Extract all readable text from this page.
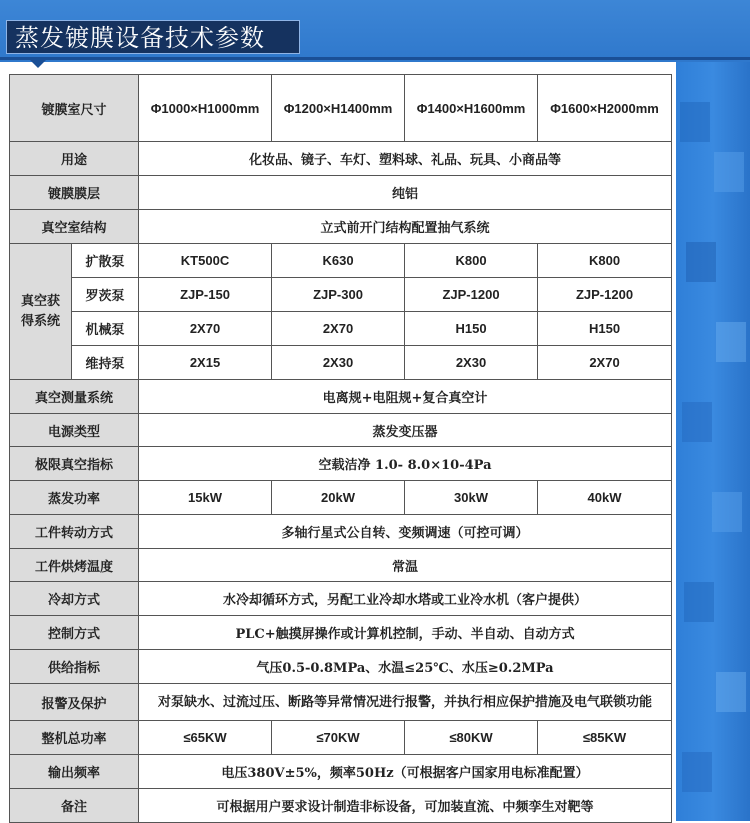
蒸发镀膜设备技术参数
镀膜室尺寸		Φ1000×H1000mm	Φ1200×H1400mm	Φ1400×H1600mm	Φ1600×H2000mm
用途		化妆品、镜子、车灯、塑料球、礼品、玩具、小商品等			
镀膜膜层		纯铝			
真空室结构		立式前开门结构配置抽气系统			
真空获得系统	扩散泵	KT500C	K630	K800	K800
	罗茨泵	ZJP-150	ZJP-300	ZJP-1200	ZJP-1200
	机械泵	2X70	2X70	H150	H150
	维持泵	2X15	2X30	2X30	2X70
真空测量系统		电离规+电阻规+复合真空计			
电源类型		蒸发变压器			
极限真空指标		空载洁净 1.0- 8.0×10-4Pa			
蒸发功率		15kW	20kW	30kW	40kW
工件转动方式		多轴行星式公自转、变频调速（可控可调）			
工件烘烤温度		常温			
冷却方式		水冷却循环方式，另配工业冷却水塔或工业冷水机（客户提供）			
控制方式		PLC+触摸屏操作或计算机控制，手动、半自动、自动方式			
供给指标		气压0.5-0.8MPa、水温≤25℃、水压≥0.2MPa			
报警及保护		对泵缺水、过流过压、断路等异常情况进行报警，并执行相应保护措施及电气联锁功能			
整机总功率		≤65KW	≤70KW	≤80KW	≤85KW
输出频率		电压380V±5%，频率50Hz（可根据客户国家用电标准配置）			
备注		可根据用户要求设计制造非标设备，可加装直流、中频孪生对靶等			
